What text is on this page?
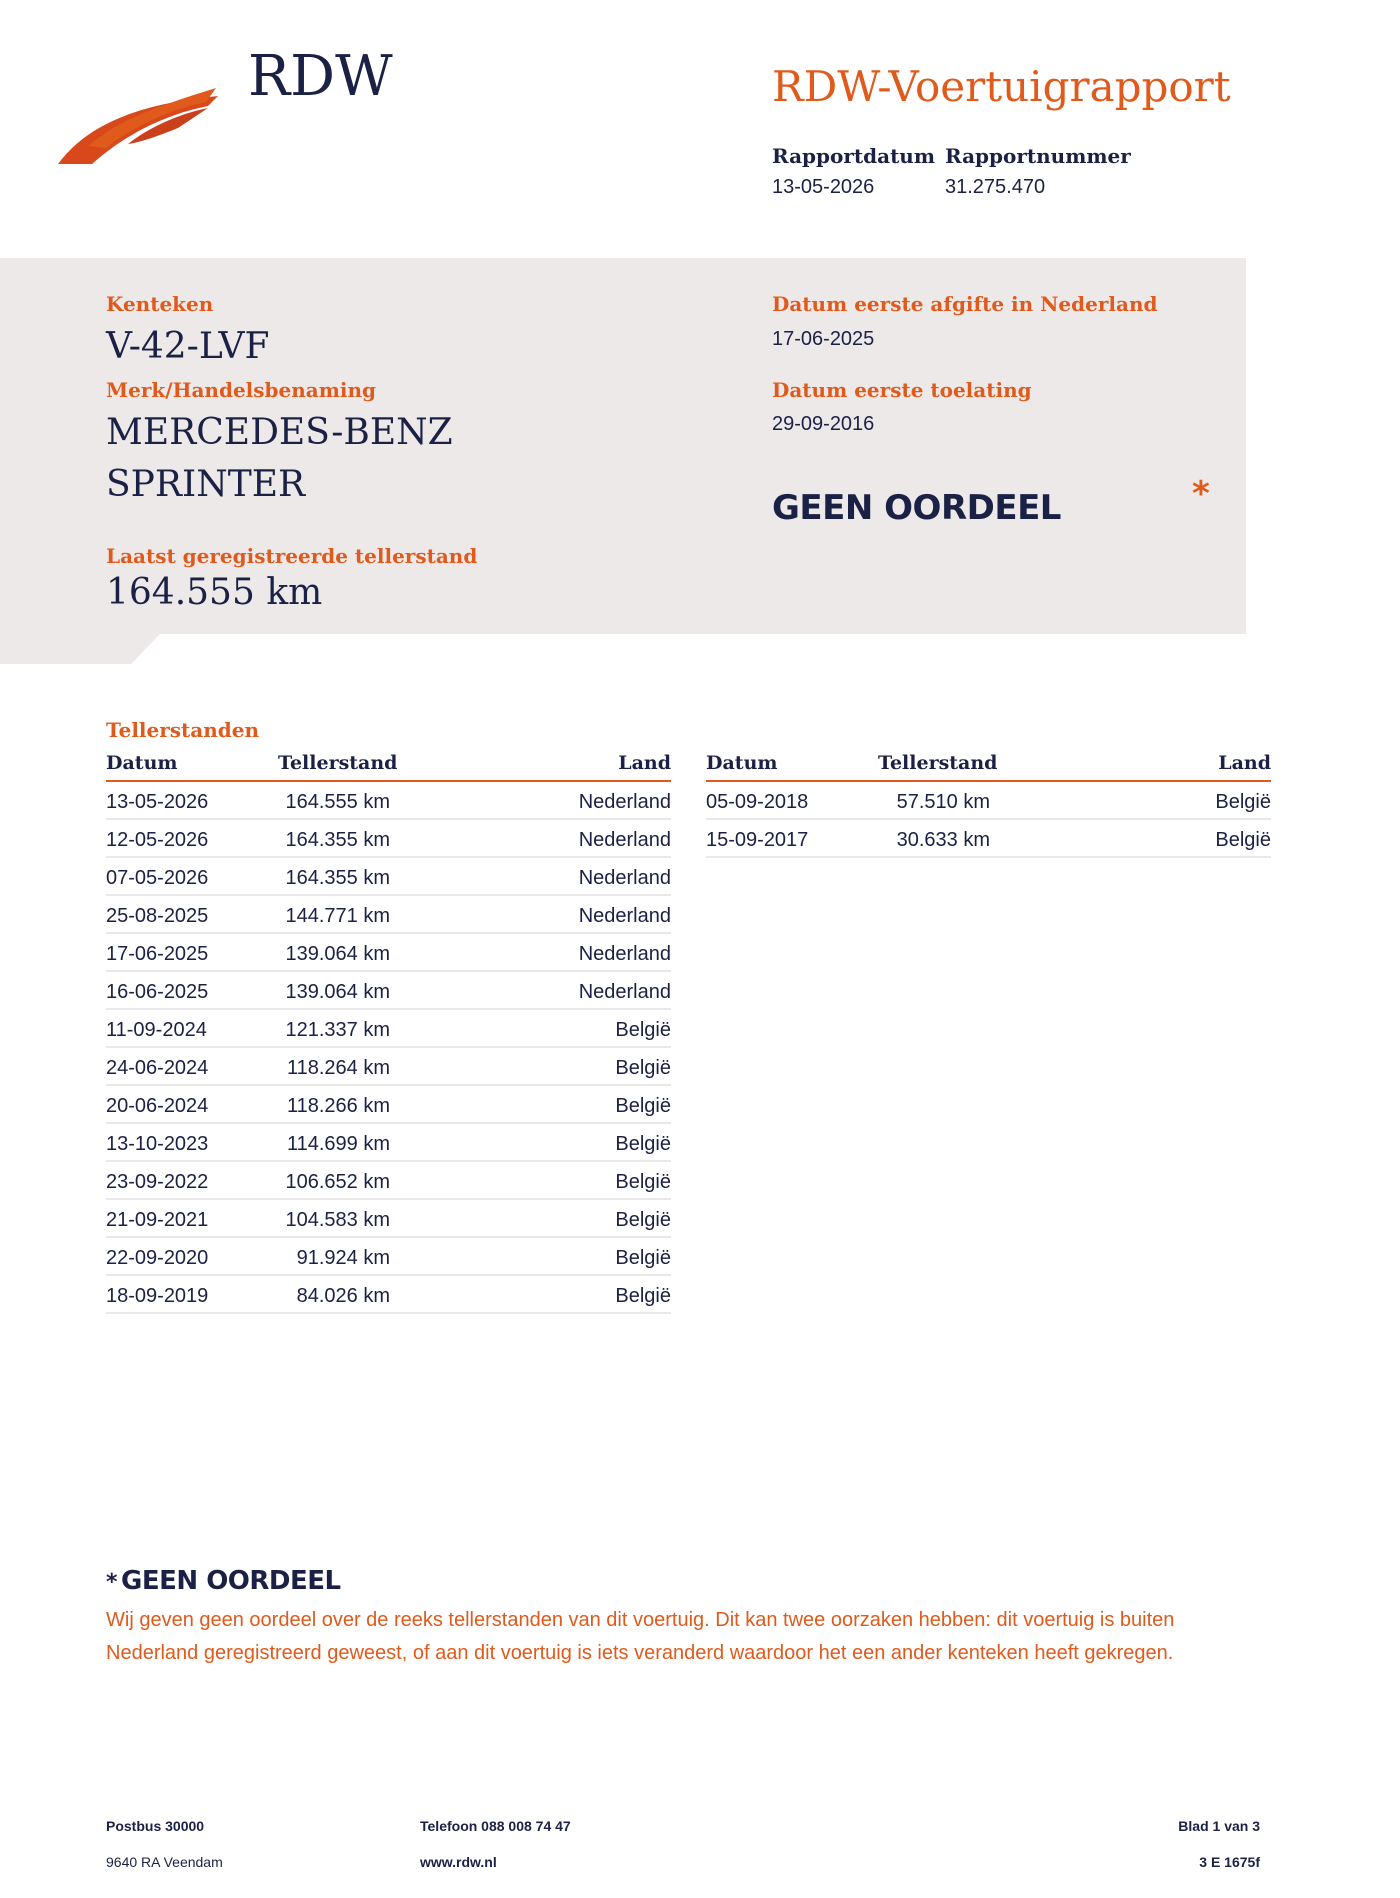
RDW	RDW-Voertuigrapport
Rapportdatum Rapportnummer
13-05-2026	31.275.470
Kenteken
V-42-LVF
Merk/Handelsbenaming
MERCEDES-BENZ
SPRINTER
Laatst geregistreerde tellerstand
164.555 km
Datum eerste afgifte in Nederland
17-06-2025
Datum eerste toelating
29-09-2016
GEEN OORDEEL	*
Tellerstanden
Datum	Tellerstand	Land
13-05-2026	164.555 km	Nederland
12-05-2026	164.355 km	Nederland
07-05-2026	164.355 km	Nederland
25-08-2025	144.771 km	Nederland
17-06-2025	139.064 km	Nederland
16-06-2025	139.064 km	Nederland
11-09-2024	121.337 km	België
24-06-2024	118.264 km	België
20-06-2024	118.266 km	België
13-10-2023	114.699 km	België
23-09-2022	106.652 km	België
21-09-2021	104.583 km	België
22-09-2020	91.924 km	België
18-09-2019	84.026 km	België
Datum	Tellerstand	Land
05-09-2018	57.510 km	België
15-09-2017	30.633 km	België
* GEEN OORDEEL
Wij geven geen oordeel over de reeks tellerstanden van dit voertuig. Dit kan twee oorzaken hebben: dit voertuig is buiten Nederland geregistreerd geweest, of aan dit voertuig is iets veranderd waardoor het een ander kenteken heeft gekregen.
Postbus 30000
9640 RA Veendam
Telefoon 088 008 74 47
www.rdw.nl
Blad 1 van 3
3 E 1675f
